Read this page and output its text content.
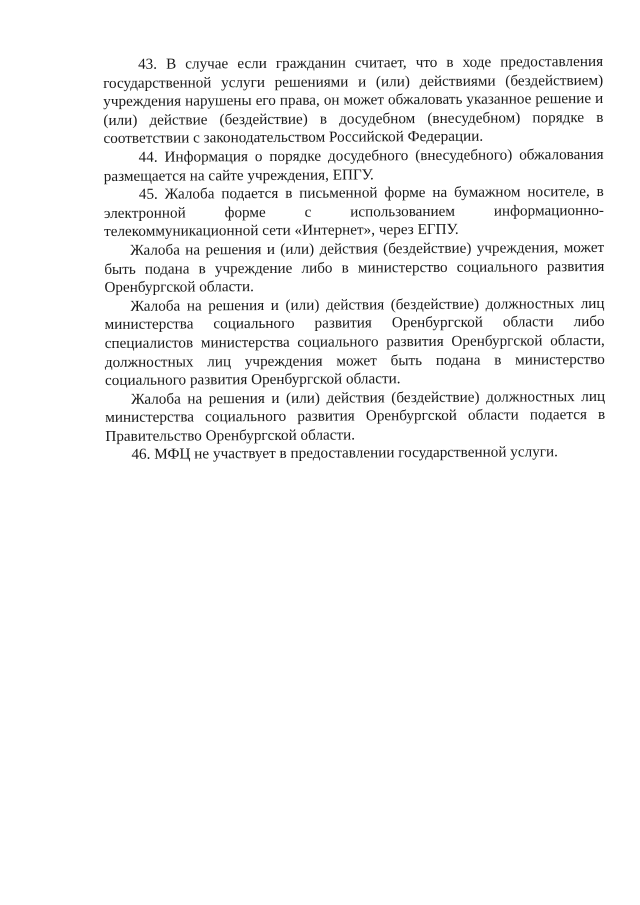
43. В случае если гражданин считает, что в ходе предоставления государственной услуги решениями и (или) действиями (бездействием) учреждения нарушены его права, он может обжаловать указанное решение и (или) действие (бездействие) в досудебном (внесудебном) порядке в соответствии с законодательством Российской Федерации.

44. Информация о порядке досудебного (внесудебного) обжалования размещается на сайте учреждения, ЕПГУ.

45. Жалоба подается в письменной форме на бумажном носителе, в электронной форме с использованием информационно-телекоммуникационной сети «Интернет», через ЕГПУ.

Жалоба на решения и (или) действия (бездействие) учреждения, может быть подана в учреждение либо в министерство социального развития Оренбургской области.

Жалоба на решения и (или) действия (бездействие) должностных лиц министерства социального развития Оренбургской области либо специалистов министерства социального развития Оренбургской области, должностных лиц учреждения может быть подана в министерство социального развития Оренбургской области.

Жалоба на решения и (или) действия (бездействие) должностных лиц министерства социального развития Оренбургской области подается в Правительство Оренбургской области.

46. МФЦ не участвует в предоставлении государственной услуги.
